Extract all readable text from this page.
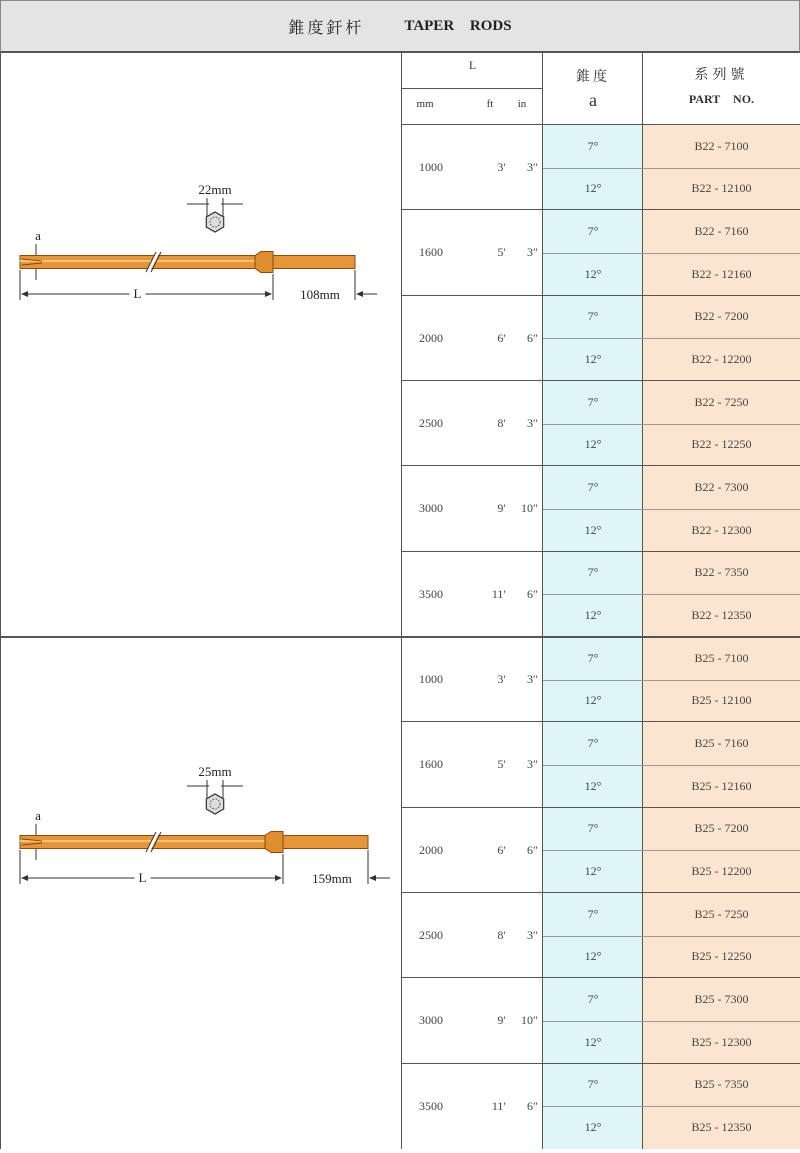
錐度釬杆	TAPER RODS
L
mm	ft	in
錐度
a
系列號
PART NO.
1000	3′	3″
7°	B22 - 7100
12°	B22 - 12100
1600	5′	3″
7°	B22 - 7160
12°	B22 - 12160
2000	6′	6″
7°	B22 - 7200
12°	B22 - 12200
2500	8′	3″
7°	B22 - 7250
12°	B22 - 12250
3000	9′	10″
7°	B22 - 7300
12°	B22 - 12300
3500	11′	6″
7°	B22 - 7350
12°	B22 - 12350
1000	3′	3″
7°	B25 - 7100
12°	B25 - 12100
1600	5′	3″
7°	B25 - 7160
12°	B25 - 12160
2000	6′	6″
7°	B25 - 7200
12°	B25 - 12200
2500	8′	3″
7°	B25 - 7250
12°	B25 - 12250
3000	9′	10″
7°	B25 - 7300
12°	B25 - 12300
3500	11′	6″
7°	B25 - 7350
12°	B25 - 12350
22mm
a
L	108mm
25mm
a
L	159mm
